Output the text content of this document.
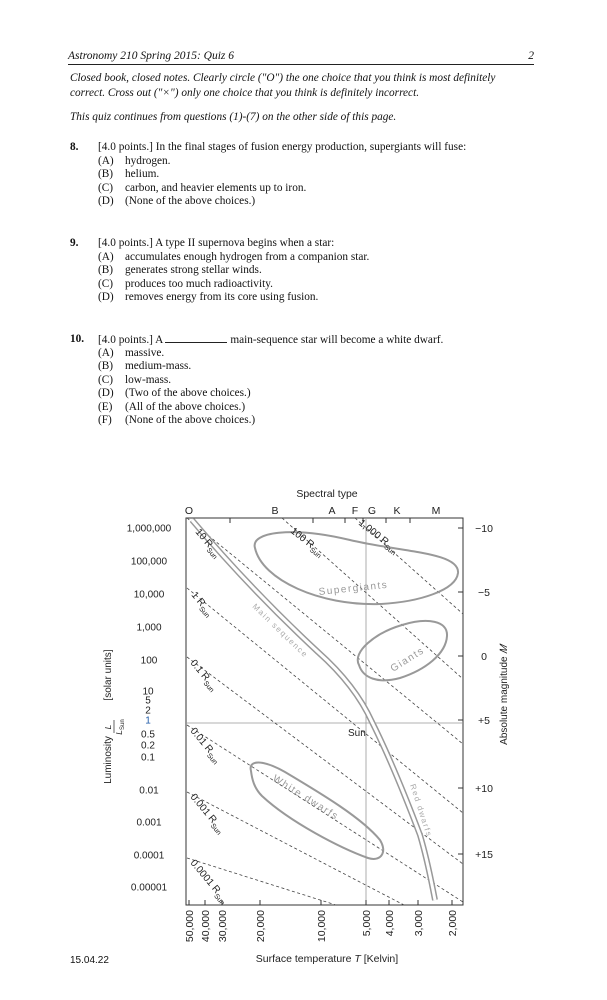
Astronomy 210 Spring 2015: Quiz 6	2
Closed book, closed notes. Clearly circle ("O") the one choice that you think is most definitely
correct. Cross out ("×") only one choice that you think is definitely incorrect.
This quiz continues from questions (1)-(7) on the other side of this page.
8. [4.0 points.] In the final stages of fusion energy production, supergiants will fuse:
(A) hydrogen.
(B) helium.
(C) carbon, and heavier elements up to iron.
(D) (None of the above choices.)
9. [4.0 points.] A type II supernova begins when a star:
(A) accumulates enough hydrogen from a companion star.
(B) generates strong stellar winds.
(C) produces too much radioactivity.
(D) removes energy from its core using fusion.
10. [4.0 points.] A	main-sequence star will become a white dwarf.
(A) massive.
(B) medium-mass.
(C) low-mass.
(D) (Two of the above choices.)
(E) (All of the above choices.)
(F) (None of the above choices.)
Supergiants
Giants
White dwarfs
Main sequence
Red dwarfs
Sun
1,000 $R_{Sun}$
100 $R_{Sun}$
10 $R_{Sun}$
1 $R_{Sun}$
0.1 $R_{Sun}$
0.01 $R_{Sun}$
0.001 $R_{Sun}$
0.0001 $R_{Sun}$
Spectral type
O	B	A F G K	M
1,000,000
100,000
10,000
1,000
100
10
5
2
1
0.5
0.2
0.1
0.01
0.001
0.0001
0.00001
Luminosity
L
$L_{Sun}$
[solar units]
−10
−5
0
+5
+10
+15
Absolute magnitude 𝑀
50,000 40,000 30,000 20,000	10,000	5,000 4,000 3,000 2,000
Surface temperature T [Kelvin]
15.04.22
